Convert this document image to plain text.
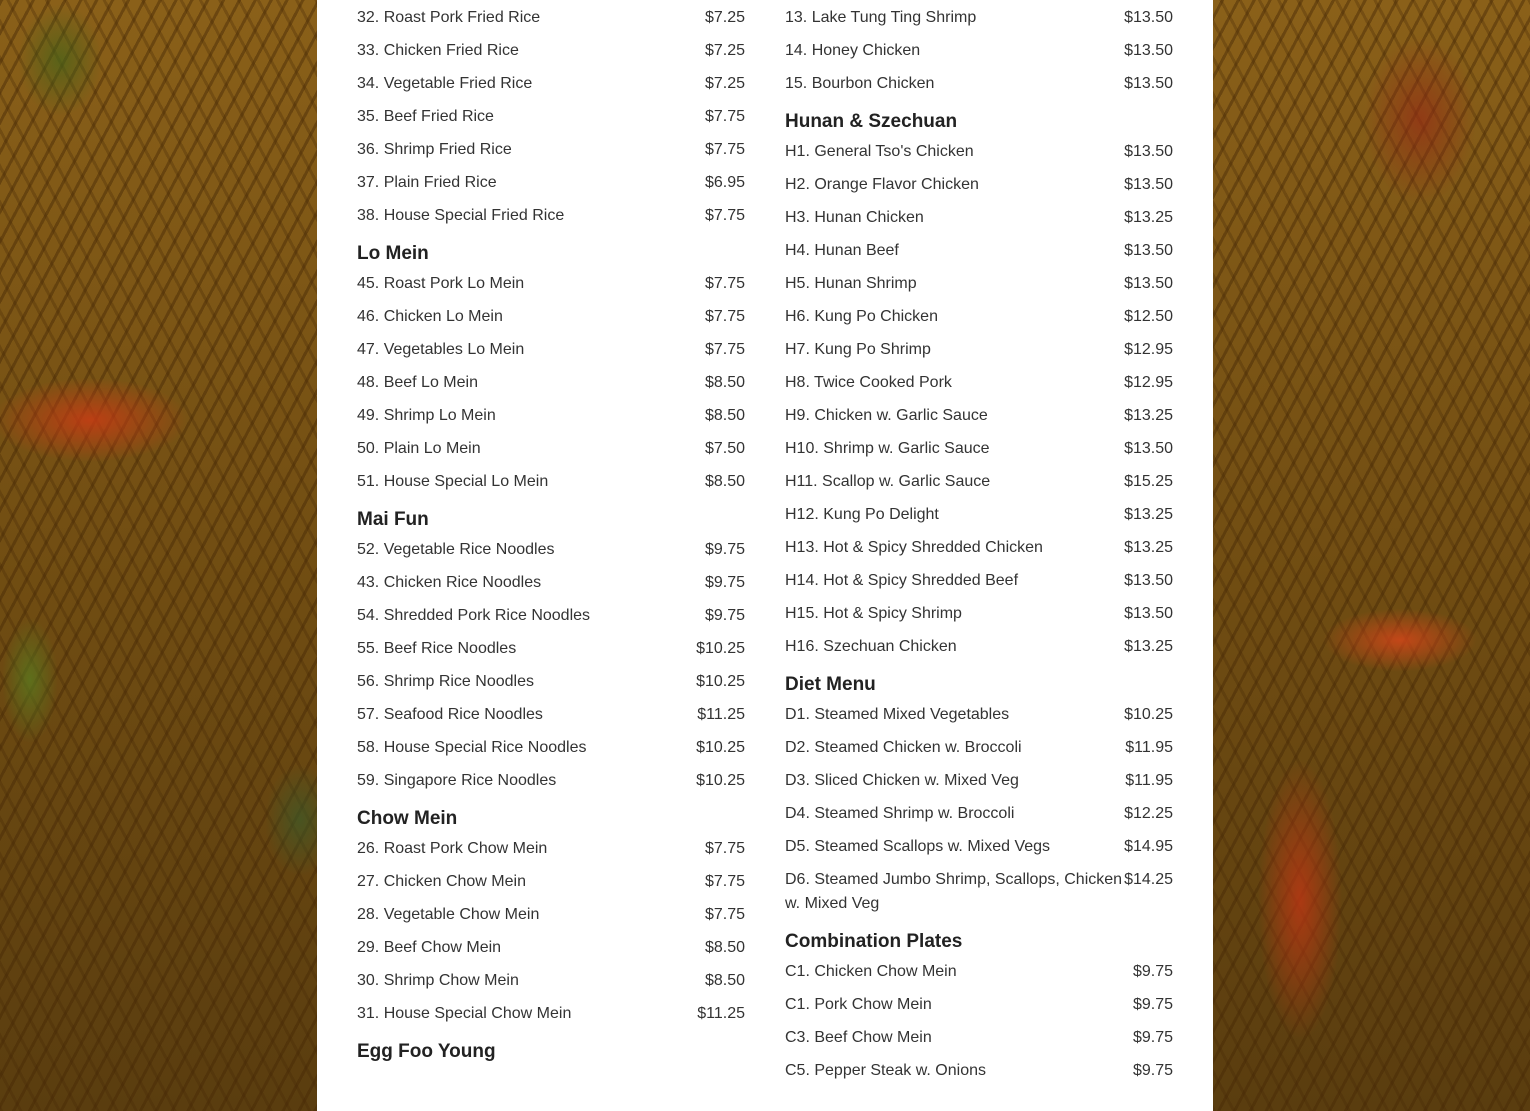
32. Roast Pork Fried Rice	$7.25
33. Chicken Fried Rice	$7.25
34. Vegetable Fried Rice	$7.25
35. Beef Fried Rice	$7.75
36. Shrimp Fried Rice	$7.75
37. Plain Fried Rice	$6.95
38. House Special Fried Rice	$7.75
Lo Mein
45. Roast Pork Lo Mein	$7.75
46. Chicken Lo Mein	$7.75
47. Vegetables Lo Mein	$7.75
48. Beef Lo Mein	$8.50
49. Shrimp Lo Mein	$8.50
50. Plain Lo Mein	$7.50
51. House Special Lo Mein	$8.50
Mai Fun
52. Vegetable Rice Noodles	$9.75
43. Chicken Rice Noodles	$9.75
54. Shredded Pork Rice Noodles	$9.75
55. Beef Rice Noodles	$10.25
56. Shrimp Rice Noodles	$10.25
57. Seafood Rice Noodles	$11.25
58. House Special Rice Noodles	$10.25
59. Singapore Rice Noodles	$10.25
Chow Mein
26. Roast Pork Chow Mein	$7.75
27. Chicken Chow Mein	$7.75
28. Vegetable Chow Mein	$7.75
29. Beef Chow Mein	$8.50
30. Shrimp Chow Mein	$8.50
31. House Special Chow Mein	$11.25
Egg Foo Young
13. Lake Tung Ting Shrimp	$13.50
14. Honey Chicken	$13.50
15. Bourbon Chicken	$13.50
Hunan & Szechuan
H1. General Tso's Chicken	$13.50
H2. Orange Flavor Chicken	$13.50
H3. Hunan Chicken	$13.25
H4. Hunan Beef	$13.50
H5. Hunan Shrimp	$13.50
H6. Kung Po Chicken	$12.50
H7. Kung Po Shrimp	$12.95
H8. Twice Cooked Pork	$12.95
H9. Chicken w. Garlic Sauce	$13.25
H10. Shrimp w. Garlic Sauce	$13.50
H11. Scallop w. Garlic Sauce	$15.25
H12. Kung Po Delight	$13.25
H13. Hot & Spicy Shredded Chicken	$13.25
H14. Hot & Spicy Shredded Beef	$13.50
H15. Hot & Spicy Shrimp	$13.50
H16. Szechuan Chicken	$13.25
Diet Menu
D1. Steamed Mixed Vegetables	$10.25
D2. Steamed Chicken w. Broccoli	$11.95
D3. Sliced Chicken w. Mixed Veg	$11.95
D4. Steamed Shrimp w. Broccoli	$12.25
D5. Steamed Scallops w. Mixed Vegs	$14.95
D6. Steamed Jumbo Shrimp, Scallops, Chicken w. Mixed Veg
$14.25
Combination Plates
C1. Chicken Chow Mein	$9.75
C1. Pork Chow Mein	$9.75
C3. Beef Chow Mein	$9.75
C5. Pepper Steak w. Onions	$9.75
